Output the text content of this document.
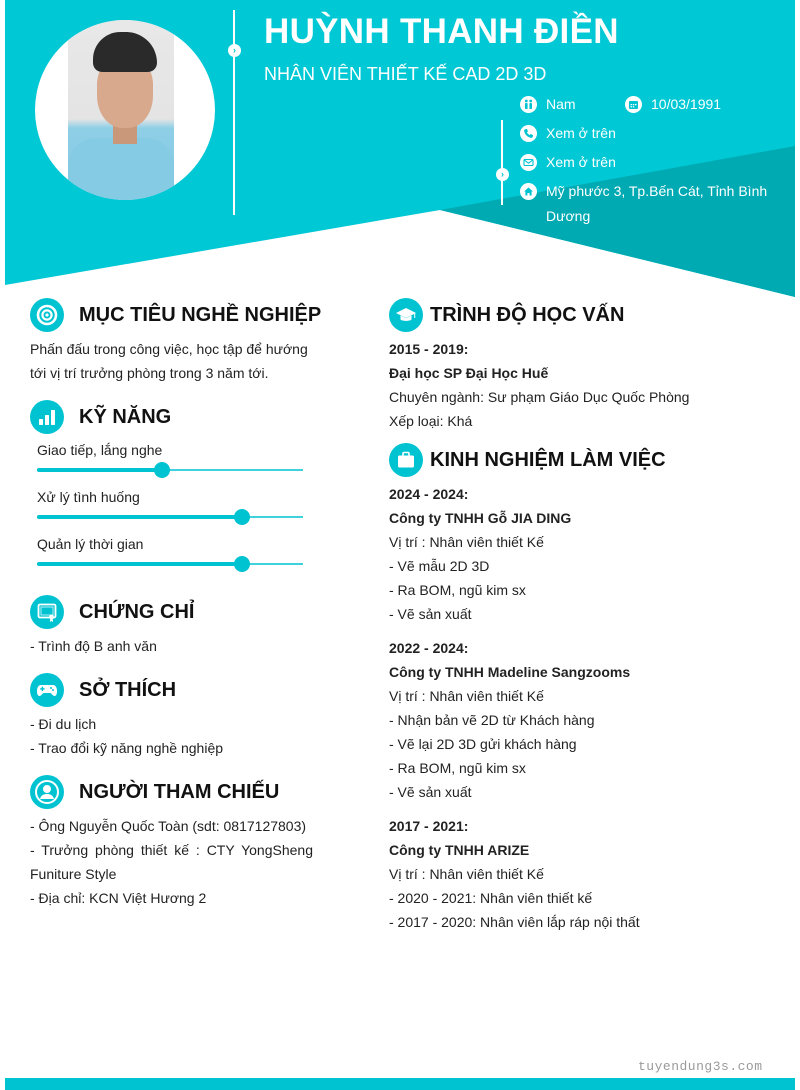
›
›
HUỲNH THANH ĐIỀN
NHÂN VIÊN THIẾT KẾ CAD 2D 3D
Nam	10/03/1991
Xem ở trên
Xem ở trên
Mỹ phước 3, Tp.Bến Cát, Tỉnh Bình
Dương
MỤC TIÊU NGHỀ NGHIỆP
Phấn đấu trong công việc, học tập để hướng
tới vị trí trưởng phòng trong 3 năm tới.
KỸ NĂNG
Giao tiếp, lắng nghe
Xử lý tình huống
Quản lý thời gian
CHỨNG CHỈ
- Trình độ B anh văn
SỞ THÍCH
- Đi du lịch
- Trao đổi kỹ năng nghề nghiệp
NGƯỜI THAM CHIẾU
- Ông Nguyễn Quốc Toàn (sdt: 0817127803)
- Trưởng phòng thiết kế : CTY YongSheng
Funiture Style
- Địa chỉ: KCN Việt Hương 2
TRÌNH ĐỘ HỌC VẤN
2015 - 2019:
Đại học SP Đại Học Huế
Chuyên ngành: Sư phạm Giáo Dục Quốc Phòng
Xếp loại: Khá
KINH NGHIỆM LÀM VIỆC
2024 - 2024:
Công ty TNHH Gỗ JIA DING
Vị trí : Nhân viên thiết Kế
- Vẽ mẫu 2D 3D
- Ra BOM, ngũ kim sx
- Vẽ sản xuất
2022 - 2024:
Công ty TNHH Madeline Sangzooms
Vị trí : Nhân viên thiết Kế
- Nhận bản vẽ 2D từ Khách hàng
- Vẽ lại 2D 3D gửi khách hàng
- Ra BOM, ngũ kim sx
- Vẽ sản xuất
2017 - 2021:
Công ty TNHH ARIZE
Vị trí : Nhân viên thiết Kế
- 2020 - 2021: Nhân viên thiết kế
- 2017 - 2020: Nhân viên lắp ráp nội thất
tuyendung3s.com
